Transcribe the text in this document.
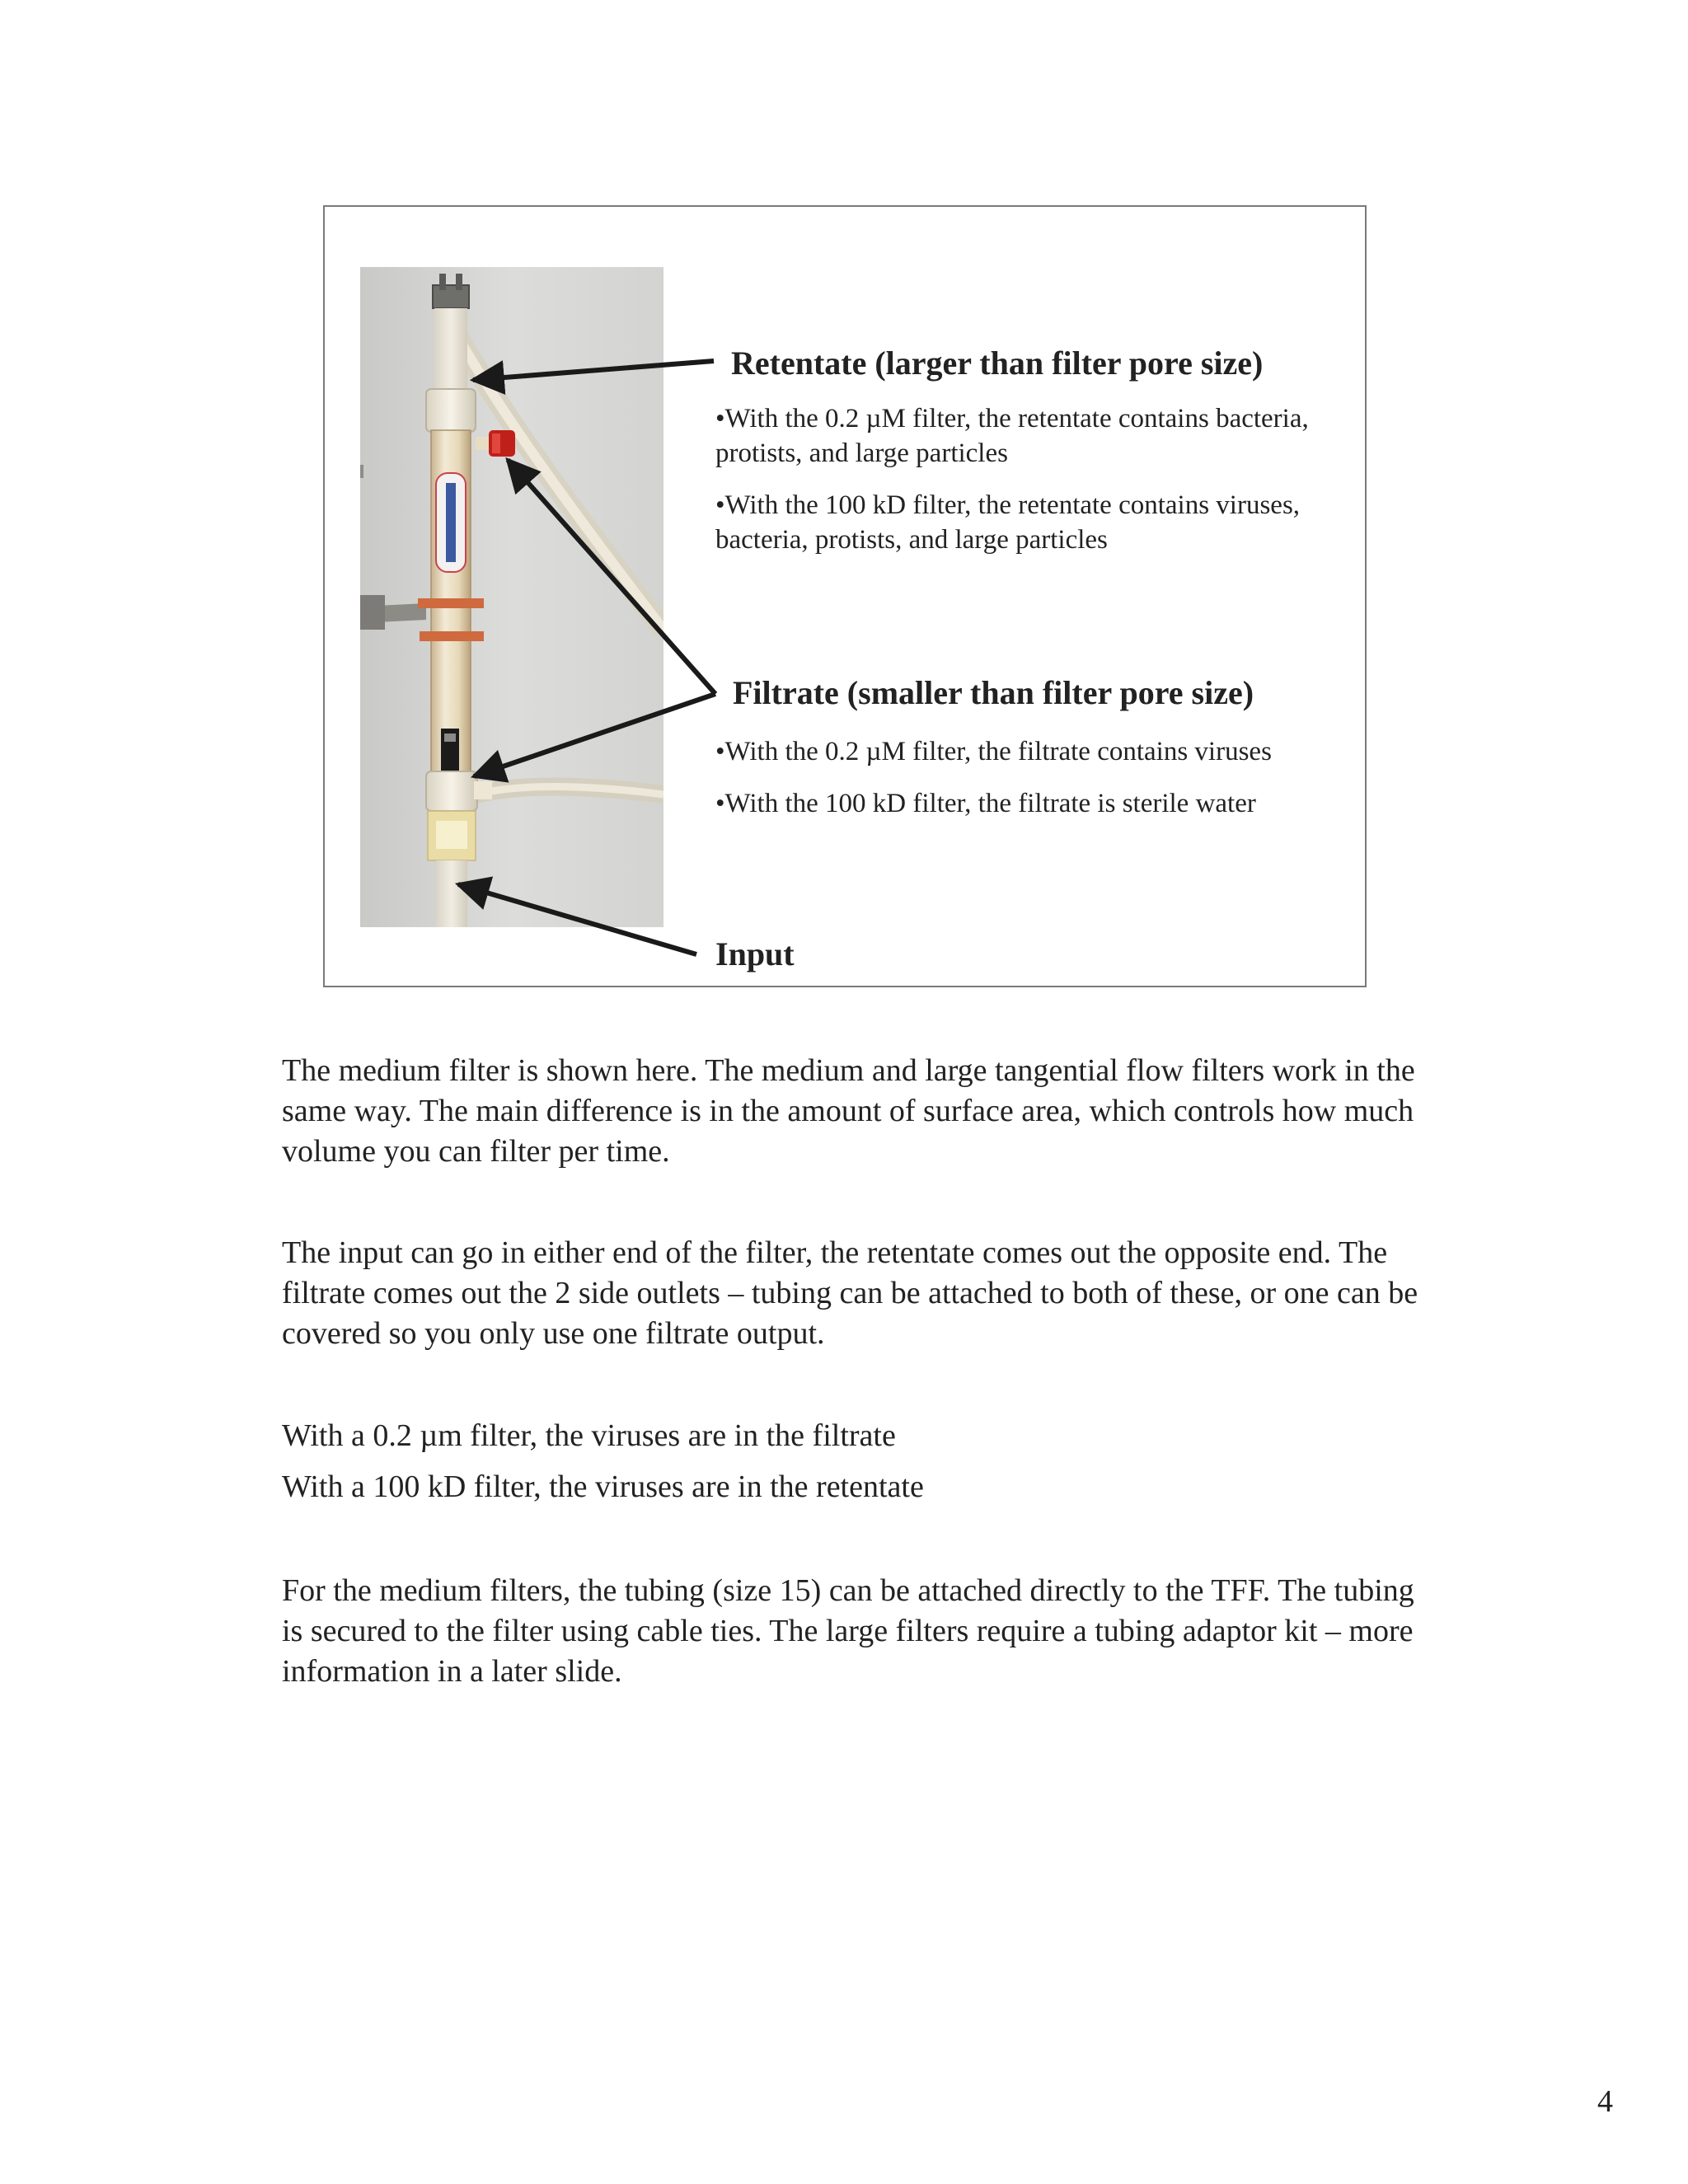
Retentate (larger than filter pore size)
•With the 0.2 µM filter, the retentate contains bacteria, protists, and large particles
•With the 100 kD filter, the retentate contains viruses, bacteria, protists, and large particles
Filtrate (smaller than filter pore size)
•With the 0.2 µM filter, the filtrate contains viruses
•With the 100 kD filter, the filtrate is sterile water
Input
The medium filter is shown here. The medium and large tangential flow filters work in the same way. The main difference is in the amount of surface area, which controls how much volume you can filter per time.
The input can go in either end of the filter, the retentate comes out the opposite end. The filtrate comes out the 2 side outlets – tubing can be attached to both of these, or one can be covered so you only use one filtrate output.
With a 0.2 µm filter, the viruses are in the filtrate
With a 100 kD filter, the viruses are in the retentate
For the medium filters, the tubing (size 15) can be attached directly to the TFF. The tubing is secured to the filter using cable ties. The large filters require a tubing adaptor kit – more information in a later slide.
4
